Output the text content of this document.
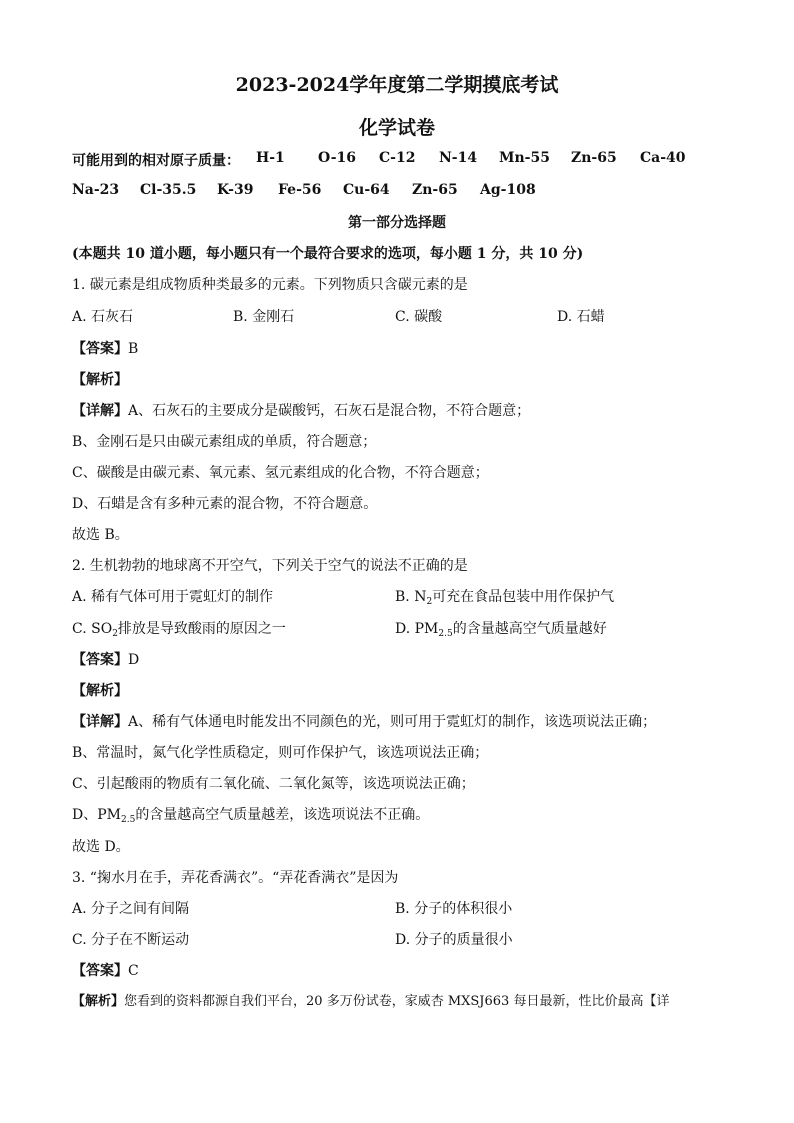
2023-2024学年度第二学期摸底考试
化学试卷
可能用到的相对原子质量： H-1 O-16 C-12 N-14 Mn-55 Zn-65 Ca-40
Na-23 Cl-35.5 K-39 Fe-56 Cu-64 Zn-65 Ag-108
第一部分选择题
(本题共 10 道小题，每小题只有一个最符合要求的选项，每小题 1 分，共 10 分)
1. 碳元素是组成物质种类最多的元素。下列物质只含碳元素的是
A. 石灰石	B. 金刚石	C. 碳酸	D. 石蜡
【答案】B
【解析】
【详解】A、石灰石的主要成分是碳酸钙，石灰石是混合物，不符合题意；
B、金刚石是只由碳元素组成的单质，符合题意；
C、碳酸是由碳元素、氧元素、氢元素组成的化合物，不符合题意；
D、石蜡是含有多种元素的混合物，不符合题意。
故选 B。
2. 生机勃勃的地球离不开空气，下列关于空气的说法不正确的是
A. 稀有气体可用于霓虹灯的制作	B. $N_2$可充在食品包装中用作保护气
C. $SO_2$排放是导致酸雨的原因之一	D. $PM_{2.5}$的含量越高空气质量越好
【答案】D
【解析】
【详解】A、稀有气体通电时能发出不同颜色的光，则可用于霓虹灯的制作，该选项说法正确；
B、常温时，氮气化学性质稳定，则可作保护气，该选项说法正确；
C、引起酸雨的物质有二氧化硫、二氧化氮等，该选项说法正确；
D、$PM_{2.5}$的含量越高空气质量越差，该选项说法不正确。
故选 D。
3. “掬水月在手，弄花香满衣”。“弄花香满衣”是因为
A. 分子之间有间隔	B. 分子的体积很小
C. 分子在不断运动	D. 分子的质量很小
【答案】C
【解析】您看到的资料都源自我们平台，20 多万份试卷，家威杏 MXSJ663 每日最新，性比价最高【详
